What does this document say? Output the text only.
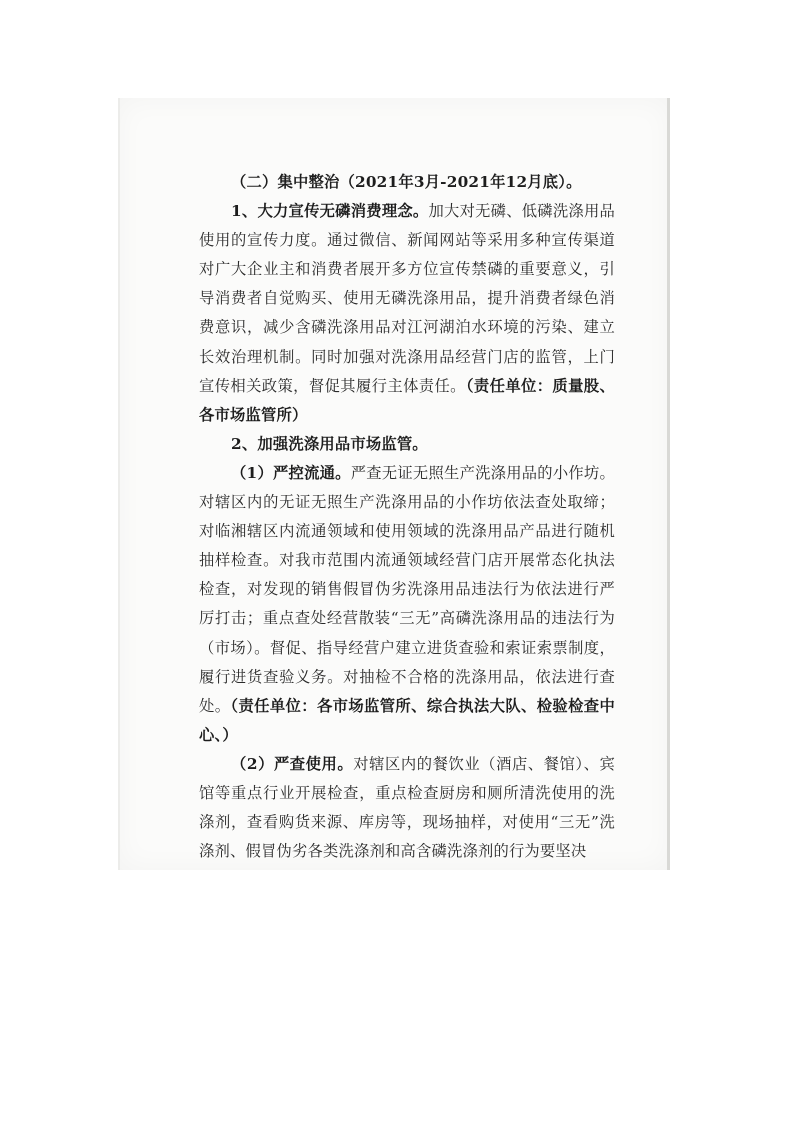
（二）集中整治（2021年3月-2021年12月底）。

1、大力宣传无磷消费理念。加大对无磷、低磷洗涤用品使用的宣传力度。通过微信、新闻网站等采用多种宣传渠道对广大企业主和消费者展开多方位宣传禁磷的重要意义，引导消费者自觉购买、使用无磷洗涤用品，提升消费者绿色消费意识，减少含磷洗涤用品对江河湖泊水环境的污染、建立长效治理机制。同时加强对洗涤用品经营门店的监管，上门宣传相关政策，督促其履行主体责任。（责任单位：质量股、各市场监管所）

2、加强洗涤用品市场监管。

（1）严控流通。严查无证无照生产洗涤用品的小作坊。对辖区内的无证无照生产洗涤用品的小作坊依法查处取缔；对临湘辖区内流通领域和使用领域的洗涤用品产品进行随机抽样检查。对我市范围内流通领域经营门店开展常态化执法检查，对发现的销售假冒伪劣洗涤用品违法行为依法进行严厉打击；重点查处经营散装“三无”高磷洗涤用品的违法行为（市场）。督促、指导经营户建立进货查验和索证索票制度，履行进货查验义务。对抽检不合格的洗涤用品，依法进行查处。（责任单位：各市场监管所、综合执法大队、检验检查中心、）

（2）严查使用。对辖区内的餐饮业（酒店、餐馆）、宾馆等重点行业开展检查，重点检查厨房和厕所清洗使用的洗涤剂，查看购货来源、库房等，现场抽样，对使用“三无”洗涤剂、假冒伪劣各类洗涤剂和高含磷洗涤剂的行为要坚决
